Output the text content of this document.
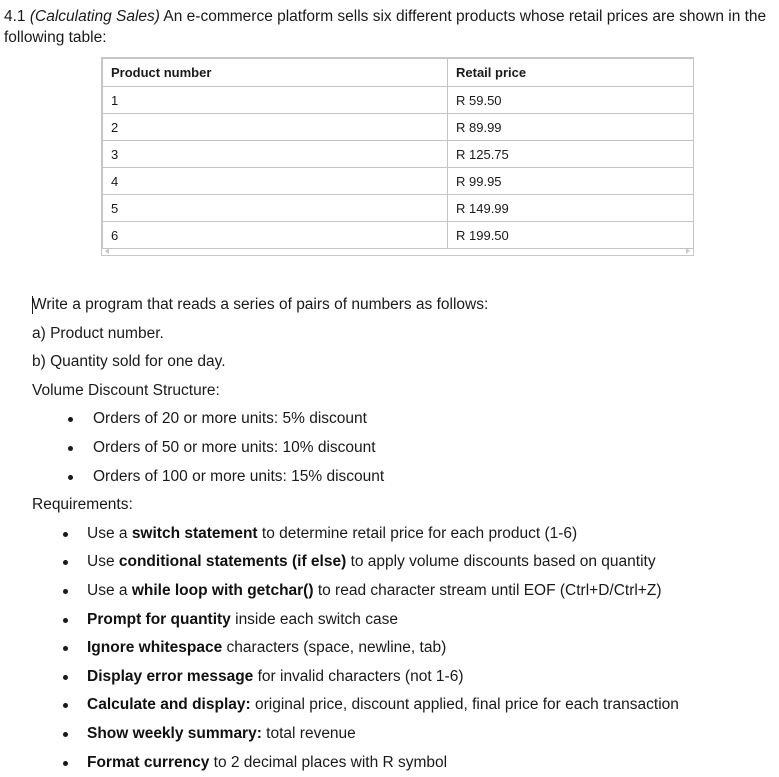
4.1 (Calculating Sales) An e-commerce platform sells six different products whose retail prices are shown in the following table:
Product number	Retail price
1	R 59.50
2	R 89.99
3	R 125.75
4	R 99.95
5	R 149.99
6	R 199.50
Write a program that reads a series of pairs of numbers as follows:
a) Product number.
b) Quantity sold for one day.
Volume Discount Structure:
Orders of 20 or more units: 5% discount
Orders of 50 or more units: 10% discount
Orders of 100 or more units: 15% discount
Requirements:
Use a switch statement to determine retail price for each product (1-6)
Use conditional statements (if else) to apply volume discounts based on quantity
Use a while loop with getchar() to read character stream until EOF (Ctrl+D/Ctrl+Z)
Prompt for quantity inside each switch case
Ignore whitespace characters (space, newline, tab)
Display error message for invalid characters (not 1-6)
Calculate and display: original price, discount applied, final price for each transaction
Show weekly summary: total revenue
Format currency to 2 decimal places with R symbol
